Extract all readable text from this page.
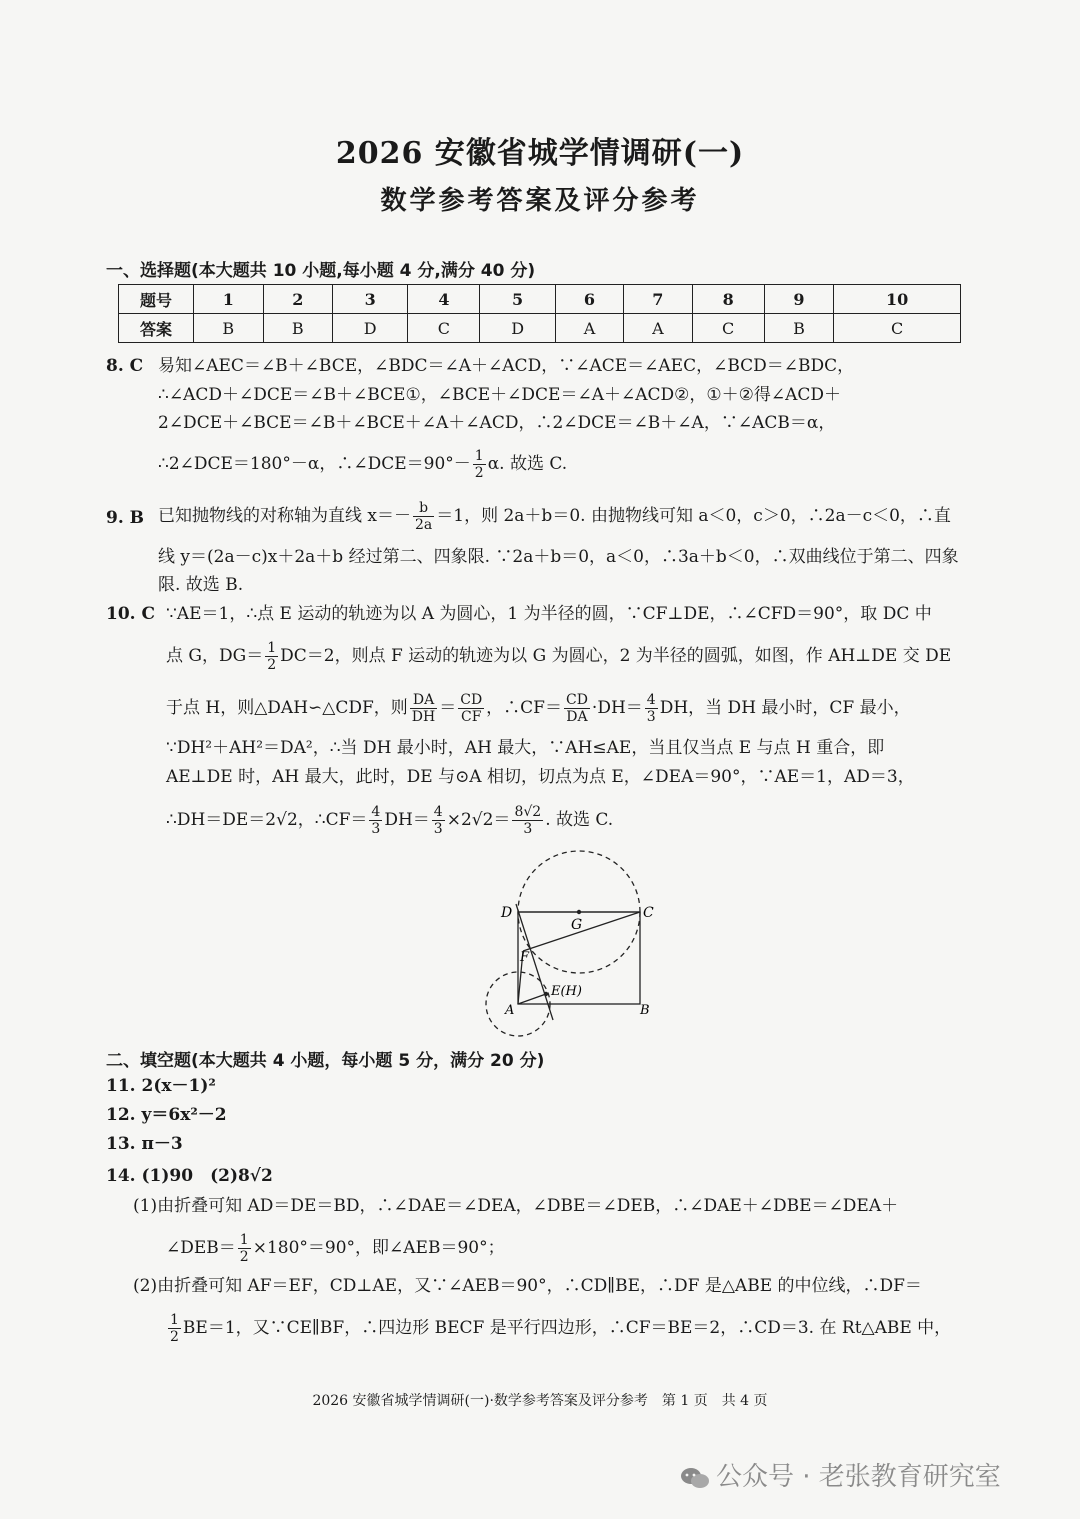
2026 安徽省城学情调研(一)
数学参考答案及评分参考
一、选择题(本大题共 10 小题,每小题 4 分,满分 40 分)
题号	1	2	3	4	5	6	7	8	9	10
答案	B	B	D	C	D	A	A	C	B	C
8. C 易知∠AEC＝∠B＋∠BCE，∠BDC＝∠A＋∠ACD，∵∠ACE＝∠AEC，∠BCD＝∠BDC，
∴∠ACD＋∠DCE＝∠B＋∠BCE①，∠BCE＋∠DCE＝∠A＋∠ACD②，①＋②得∠ACD＋
2∠DCE＋∠BCE＝∠B＋∠BCE＋∠A＋∠ACD，∴2∠DCE＝∠B＋∠A，∵∠ACB＝α，
∴2∠DCE＝180°－α，∴∠DCE＝90°－ $\frac{1}{2} \alpha$. 故选 C.
9. B 已知抛物线的对称轴为直线 $x=- \frac{b}{2a} =1$，则 2a＋b＝0. 由抛物线可知 a＜0，c＞0，∴2a－c＜0，∴直
线 y＝(2a－c)x＋2a＋b 经过第二、四象限. ∵2a＋b＝0，a＜0，∴3a＋b＜0，∴双曲线位于第二、四象
限. 故选 B.
10. C ∵AE＝1，∴点 E 运动的轨迹为以 A 为圆心，1 为半径的圆，∵CF⊥DE，∴∠CFD＝90°，取 DC 中
点 G，$DG= \frac{1}{2} DC=2$，则点 F 运动的轨迹为以 G 为圆心，2 为半径的圆弧，如图，作 AH⊥DE 交 DE
于点 H，则△DAH∽△CDF，则 $\frac{DA}{DH} = \frac{CD}{CF}$ ，∴CF＝ $\frac{CD}{DA} \cdot DH= \frac{4}{3}$ DH，当 DH 最小时，CF 最小，
∵DH²＋AH²＝DA²，∴当 DH 最小时，AH 最大，∵AH≤AE，当且仅当点 E 与点 H 重合，即
AE⊥DE 时，AH 最大，此时，DE 与⊙A 相切，切点为点 E，∠DEA＝90°，∵AE＝1，AD＝3，
∴DH＝DE＝2√2，∴CF＝ $\frac{4}{3} DH= \frac{4}{3} \times 2√2= \frac{8√2}{3}$ . 故选 C.
D	C
G
F
E(H)
A	B
二、填空题(本大题共 4 小题，每小题 5 分，满分 20 分)
11. 2(x－1)²
12. y＝6x²－2
13. π－3
14. (1)90　(2)8√2
(1)由折叠可知 AD＝DE＝BD，∴∠DAE＝∠DEA，∠DBE＝∠DEB，∴∠DAE＋∠DBE＝∠DEA＋
∠DEB＝ $\frac{1}{2} \times 180^\circ=90^\circ$，即∠AEB＝90°；
(2)由折叠可知 AF＝EF，CD⊥AE，又∵∠AEB＝90°，∴CD∥BE，∴DF 是△ABE 的中位线，∴DF＝
$\frac{1}{2} BE=1$，又∵CE∥BF，∴四边形 BECF 是平行四边形，∴CF＝BE＝2，∴CD＝3. 在 Rt△ABE 中，
2026 安徽省城学情调研(一)·数学参考答案及评分参考　第 1 页　共 4 页
公众号 · 老张教育研究室
